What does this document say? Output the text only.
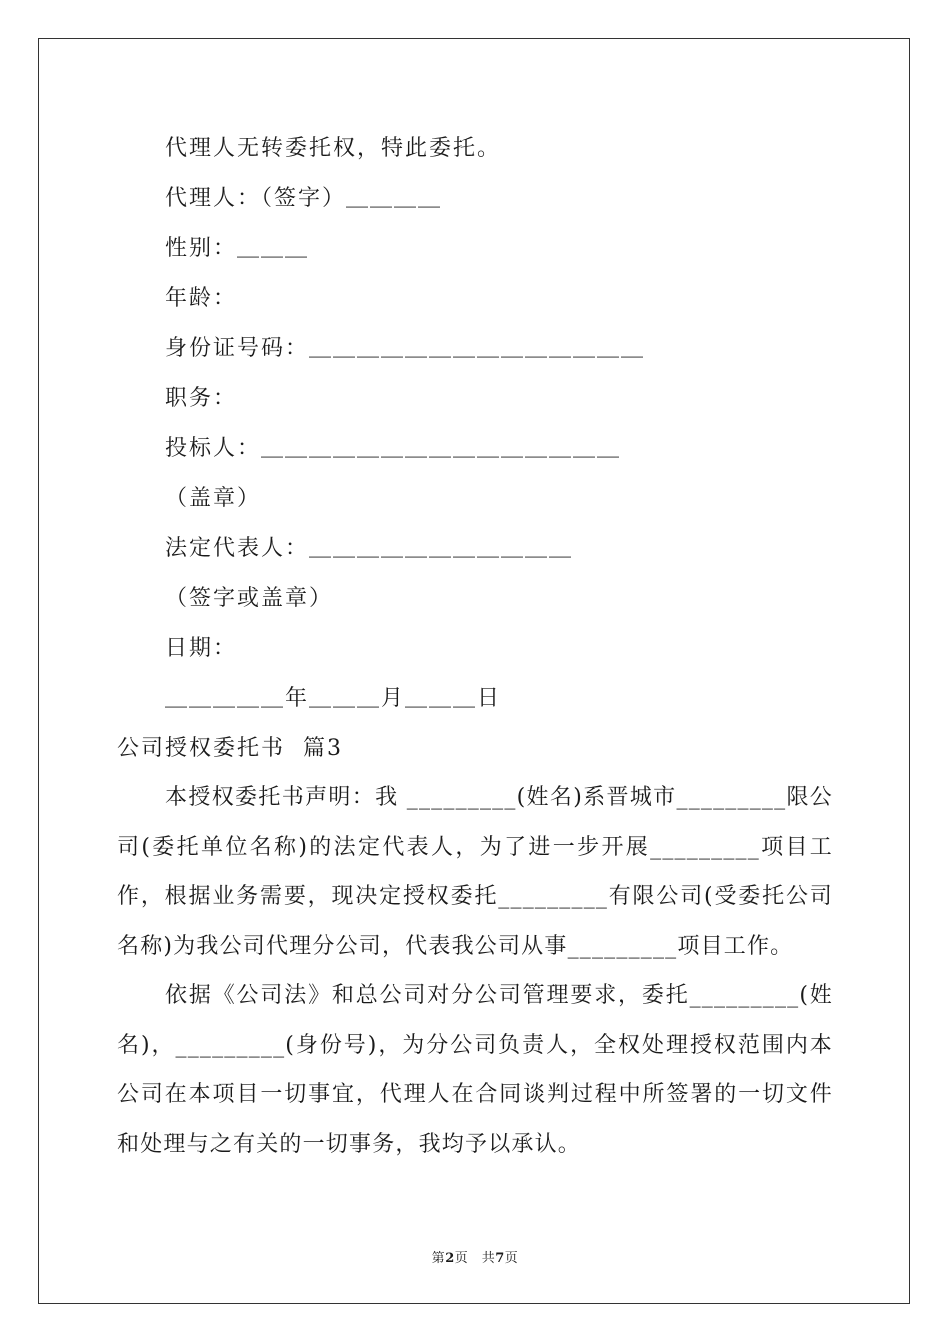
代理人无转委托权，特此委托。
代理人：（签字）＿＿＿＿
性别：＿＿＿
年龄：
身份证号码：＿＿＿＿＿＿＿＿＿＿＿＿＿＿
职务：
投标人：＿＿＿＿＿＿＿＿＿＿＿＿＿＿＿
（盖章）
法定代表人：＿＿＿＿＿＿＿＿＿＿＿
（签字或盖章）
日期：
＿＿＿＿＿年＿＿＿月＿＿＿日
公司授权委托书  篇3
本授权委托书声明：我 _________(姓名)系晋城市_________限公司(委托单位名称)的法定代表人，为了进一步开展_________项目工作，根据业务需要，现决定授权委托_________有限公司(受委托公司名称)为我公司代理分公司，代表我公司从事_________项目工作。
依据《公司法》和总公司对分公司管理要求，委托_________(姓名)，_________(身份号)，为分公司负责人，全权处理授权范围内本公司在本项目一切事宜，代理人在合同谈判过程中所签署的一切文件和处理与之有关的一切事务，我均予以承认。
第2页　共7页
